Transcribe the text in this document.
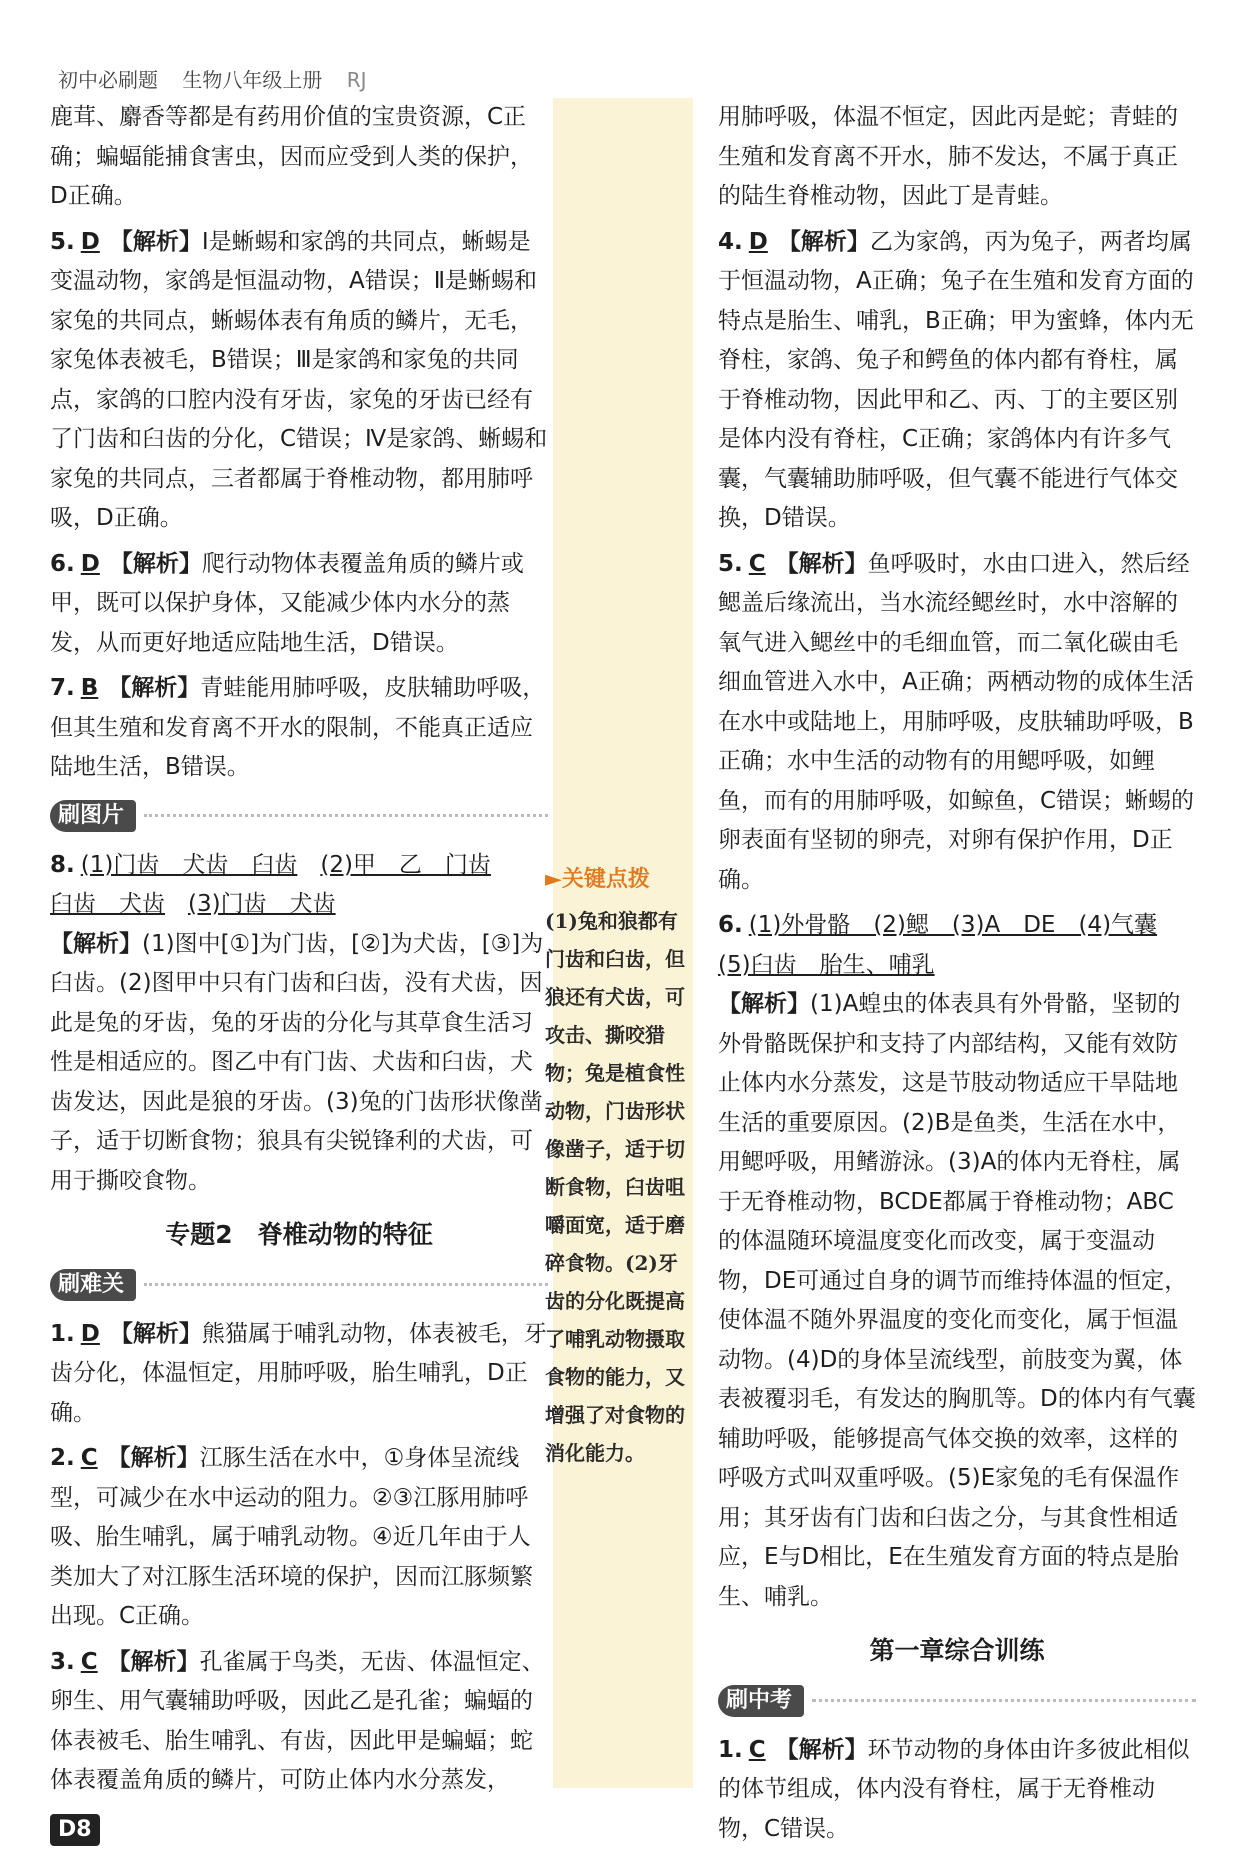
初中必刷题 生物八年级上册 RJ

鹿茸、麝香等都是有药用价值的宝贵资源，C正确；蝙蝠能捕食害虫，因而应受到人类的保护，D正确。

5. D 【解析】Ⅰ是蜥蜴和家鸽的共同点，蜥蜴是变温动物，家鸽是恒温动物，A错误；Ⅱ是蜥蜴和家兔的共同点，蜥蜴体表有角质的鳞片，无毛，家兔体表被毛，B错误；Ⅲ是家鸽和家兔的共同点，家鸽的口腔内没有牙齿，家兔的牙齿已经有了门齿和臼齿的分化，C错误；Ⅳ是家鸽、蜥蜴和家兔的共同点，三者都属于脊椎动物，都用肺呼吸，D正确。

6. D 【解析】爬行动物体表覆盖角质的鳞片或甲，既可以保护身体，又能减少体内水分的蒸发，从而更好地适应陆地生活，D错误。

7. B 【解析】青蛙能用肺呼吸，皮肤辅助呼吸，但其生殖和发育离不开水的限制，不能真正适应陆地生活，B错误。

刷图片

8. (1)门齿　犬齿　臼齿　 (2)甲　乙　门齿
臼齿　犬齿　 (3)门齿　犬齿
【解析】(1)图中[①]为门齿，[②]为犬齿，[③]为臼齿。(2)图甲中只有门齿和臼齿，没有犬齿，因此是兔的牙齿，兔的牙齿的分化与其草食生活习性是相适应的。图乙中有门齿、犬齿和臼齿，犬齿发达，因此是狼的牙齿。(3)兔的门齿形状像凿子，适于切断食物；狼具有尖锐锋利的犬齿，可用于撕咬食物。

专题2　脊椎动物的特征
刷难关

1. D 【解析】熊猫属于哺乳动物，体表被毛，牙齿分化，体温恒定，用肺呼吸，胎生哺乳，D正确。

2. C 【解析】江豚生活在水中，①身体呈流线型，可减少在水中运动的阻力。②③江豚用肺呼吸、胎生哺乳，属于哺乳动物。④近几年由于人类加大了对江豚生活环境的保护，因而江豚频繁出现。C正确。

3. C 【解析】孔雀属于鸟类，无齿、体温恒定、卵生、用气囊辅助呼吸，因此乙是孔雀；蝙蝠的体表被毛、胎生哺乳、有齿，因此甲是蝙蝠；蛇体表覆盖角质的鳞片，可防止体内水分蒸发，

►关键点拨
(1)兔和狼都有门齿和臼齿，但狼还有犬齿，可攻击、撕咬猎物；兔是植食性动物，门齿形状像凿子，适于切断食物，臼齿咀嚼面宽，适于磨碎食物。(2)牙齿的分化既提高了哺乳动物摄取食物的能力，又增强了对食物的消化能力。

用肺呼吸，体温不恒定，因此丙是蛇；青蛙的生殖和发育离不开水，肺不发达，不属于真正的陆生脊椎动物，因此丁是青蛙。

4. D 【解析】乙为家鸽，丙为兔子，两者均属于恒温动物，A正确；兔子在生殖和发育方面的特点是胎生、哺乳，B正确；甲为蜜蜂，体内无脊柱，家鸽、兔子和鳄鱼的体内都有脊柱，属于脊椎动物，因此甲和乙、丙、丁的主要区别是体内没有脊柱，C正确；家鸽体内有许多气囊，气囊辅助肺呼吸，但气囊不能进行气体交换，D错误。

5. C 【解析】鱼呼吸时，水由口进入，然后经鳃盖后缘流出，当水流经鳃丝时，水中溶解的氧气进入鳃丝中的毛细血管，而二氧化碳由毛细血管进入水中，A正确；两栖动物的成体生活在水中或陆地上，用肺呼吸，皮肤辅助呼吸，B正确；水中生活的动物有的用鳃呼吸，如鲤鱼，而有的用肺呼吸，如鲸鱼，C错误；蜥蜴的卵表面有坚韧的卵壳，对卵有保护作用，D正确。

6. (1)外骨骼　(2)鳃　(3)A　DE　(4)气囊
(5)臼齿　胎生、哺乳
【解析】(1)A蝗虫的体表具有外骨骼，坚韧的外骨骼既保护和支持了内部结构，又能有效防止体内水分蒸发，这是节肢动物适应干旱陆地生活的重要原因。(2)B是鱼类，生活在水中，用鳃呼吸，用鳍游泳。(3)A的体内无脊柱，属于无脊椎动物，BCDE都属于脊椎动物；ABC的体温随环境温度变化而改变，属于变温动物，DE可通过自身的调节而维持体温的恒定，使体温不随外界温度的变化而变化，属于恒温动物。(4)D的身体呈流线型，前肢变为翼，体表被覆羽毛，有发达的胸肌等。D的体内有气囊辅助呼吸，能够提高气体交换的效率，这样的呼吸方式叫双重呼吸。(5)E家兔的毛有保温作用；其牙齿有门齿和臼齿之分，与其食性相适应，E与D相比，E在生殖发育方面的特点是胎生、哺乳。

第一章综合训练
刷中考

1. C 【解析】环节动物的身体由许多彼此相似的体节组成，体内没有脊柱，属于无脊椎动物，C错误。

D8
